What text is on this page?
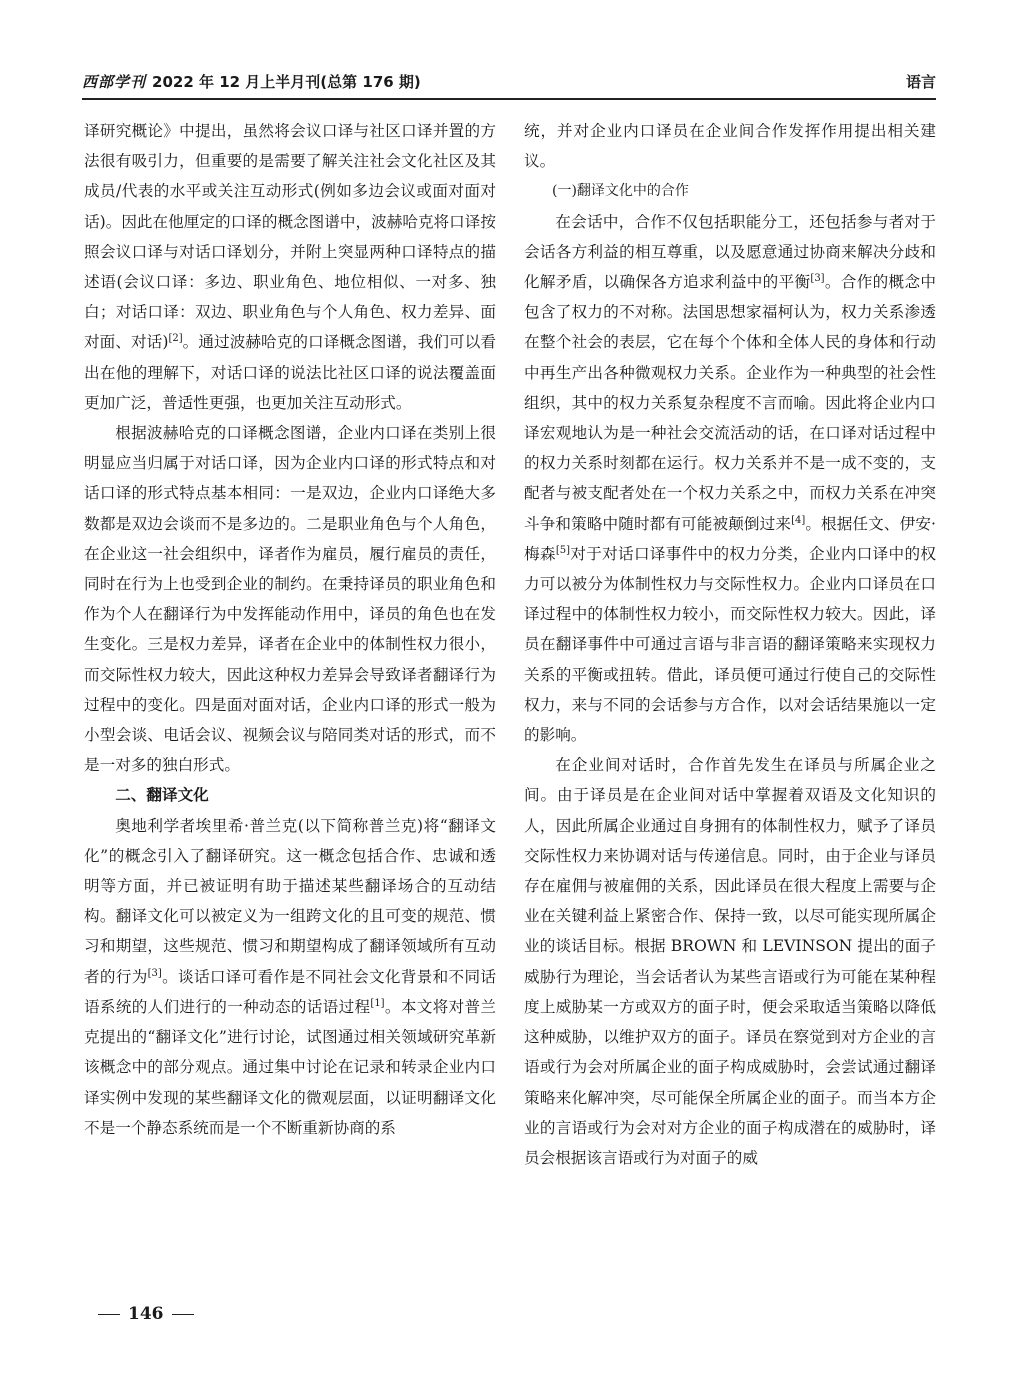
西部学刊 2022 年 12 月上半月刊(总第 176 期)	语言

译研究概论》中提出，虽然将会议口译与社区口译并置的方法很有吸引力，但重要的是需要了解关注社会文化社区及其成员/代表的水平或关注互动形式(例如多边会议或面对面对话)。因此在他厘定的口译的概念图谱中，波赫哈克将口译按照会议口译与对话口译划分，并附上突显两种口译特点的描述语(会议口译：多边、职业角色、地位相似、一对多、独白；对话口译：双边、职业角色与个人角色、权力差异、面对面、对话)[2]。通过波赫哈克的口译概念图谱，我们可以看出在他的理解下，对话口译的说法比社区口译的说法覆盖面更加广泛，普适性更强，也更加关注互动形式。

根据波赫哈克的口译概念图谱，企业内口译在类别上很明显应当归属于对话口译，因为企业内口译的形式特点和对话口译的形式特点基本相同：一是双边，企业内口译绝大多数都是双边会谈而不是多边的。二是职业角色与个人角色，在企业这一社会组织中，译者作为雇员，履行雇员的责任，同时在行为上也受到企业的制约。在秉持译员的职业角色和作为个人在翻译行为中发挥能动作用中，译员的角色也在发生变化。三是权力差异，译者在企业中的体制性权力很小，而交际性权力较大，因此这种权力差异会导致译者翻译行为过程中的变化。四是面对面对话，企业内口译的形式一般为小型会谈、电话会议、视频会议与陪同类对话的形式，而不是一对多的独白形式。

二、翻译文化

奥地利学者埃里希·普兰克(以下简称普兰克)将“翻译文化”的概念引入了翻译研究。这一概念包括合作、忠诚和透明等方面，并已被证明有助于描述某些翻译场合的互动结构。翻译文化可以被定义为一组跨文化的且可变的规范、惯习和期望，这些规范、惯习和期望构成了翻译领域所有互动者的行为[3]。谈话口译可看作是不同社会文化背景和不同话语系统的人们进行的一种动态的话语过程[1]。本文将对普兰克提出的“翻译文化”进行讨论，试图通过相关领域研究革新该概念中的部分观点。通过集中讨论在记录和转录企业内口译实例中发现的某些翻译文化的微观层面，以证明翻译文化不是一个静态系统而是一个不断重新协商的系

统，并对企业内口译员在企业间合作发挥作用提出相关建议。

(一)翻译文化中的合作

在会话中，合作不仅包括职能分工，还包括参与者对于会话各方利益的相互尊重，以及愿意通过协商来解决分歧和化解矛盾，以确保各方追求利益中的平衡[3]。合作的概念中包含了权力的不对称。法国思想家福柯认为，权力关系渗透在整个社会的表层，它在每个个体和全体人民的身体和行动中再生产出各种微观权力关系。企业作为一种典型的社会性组织，其中的权力关系复杂程度不言而喻。因此将企业内口译宏观地认为是一种社会交流活动的话，在口译对话过程中的权力关系时刻都在运行。权力关系并不是一成不变的，支配者与被支配者处在一个权力关系之中，而权力关系在冲突斗争和策略中随时都有可能被颠倒过来[4]。根据任文、伊安·梅森[5]对于对话口译事件中的权力分类，企业内口译中的权力可以被分为体制性权力与交际性权力。企业内口译员在口译过程中的体制性权力较小，而交际性权力较大。因此，译员在翻译事件中可通过言语与非言语的翻译策略来实现权力关系的平衡或扭转。借此，译员便可通过行使自己的交际性权力，来与不同的会话参与方合作，以对会话结果施以一定的影响。

在企业间对话时，合作首先发生在译员与所属企业之间。由于译员是在企业间对话中掌握着双语及文化知识的人，因此所属企业通过自身拥有的体制性权力，赋予了译员交际性权力来协调对话与传递信息。同时，由于企业与译员存在雇佣与被雇佣的关系，因此译员在很大程度上需要与企业在关键利益上紧密合作、保持一致，以尽可能实现所属企业的谈话目标。根据 BROWN 和 LEVINSON 提出的面子威胁行为理论，当会话者认为某些言语或行为可能在某种程度上威胁某一方或双方的面子时，便会采取适当策略以降低这种威胁，以维护双方的面子。译员在察觉到对方企业的言语或行为会对所属企业的面子构成威胁时，会尝试通过翻译策略来化解冲突，尽可能保全所属企业的面子。而当本方企业的言语或行为会对对方企业的面子构成潜在的威胁时，译员会根据该言语或行为对面子的威

146
